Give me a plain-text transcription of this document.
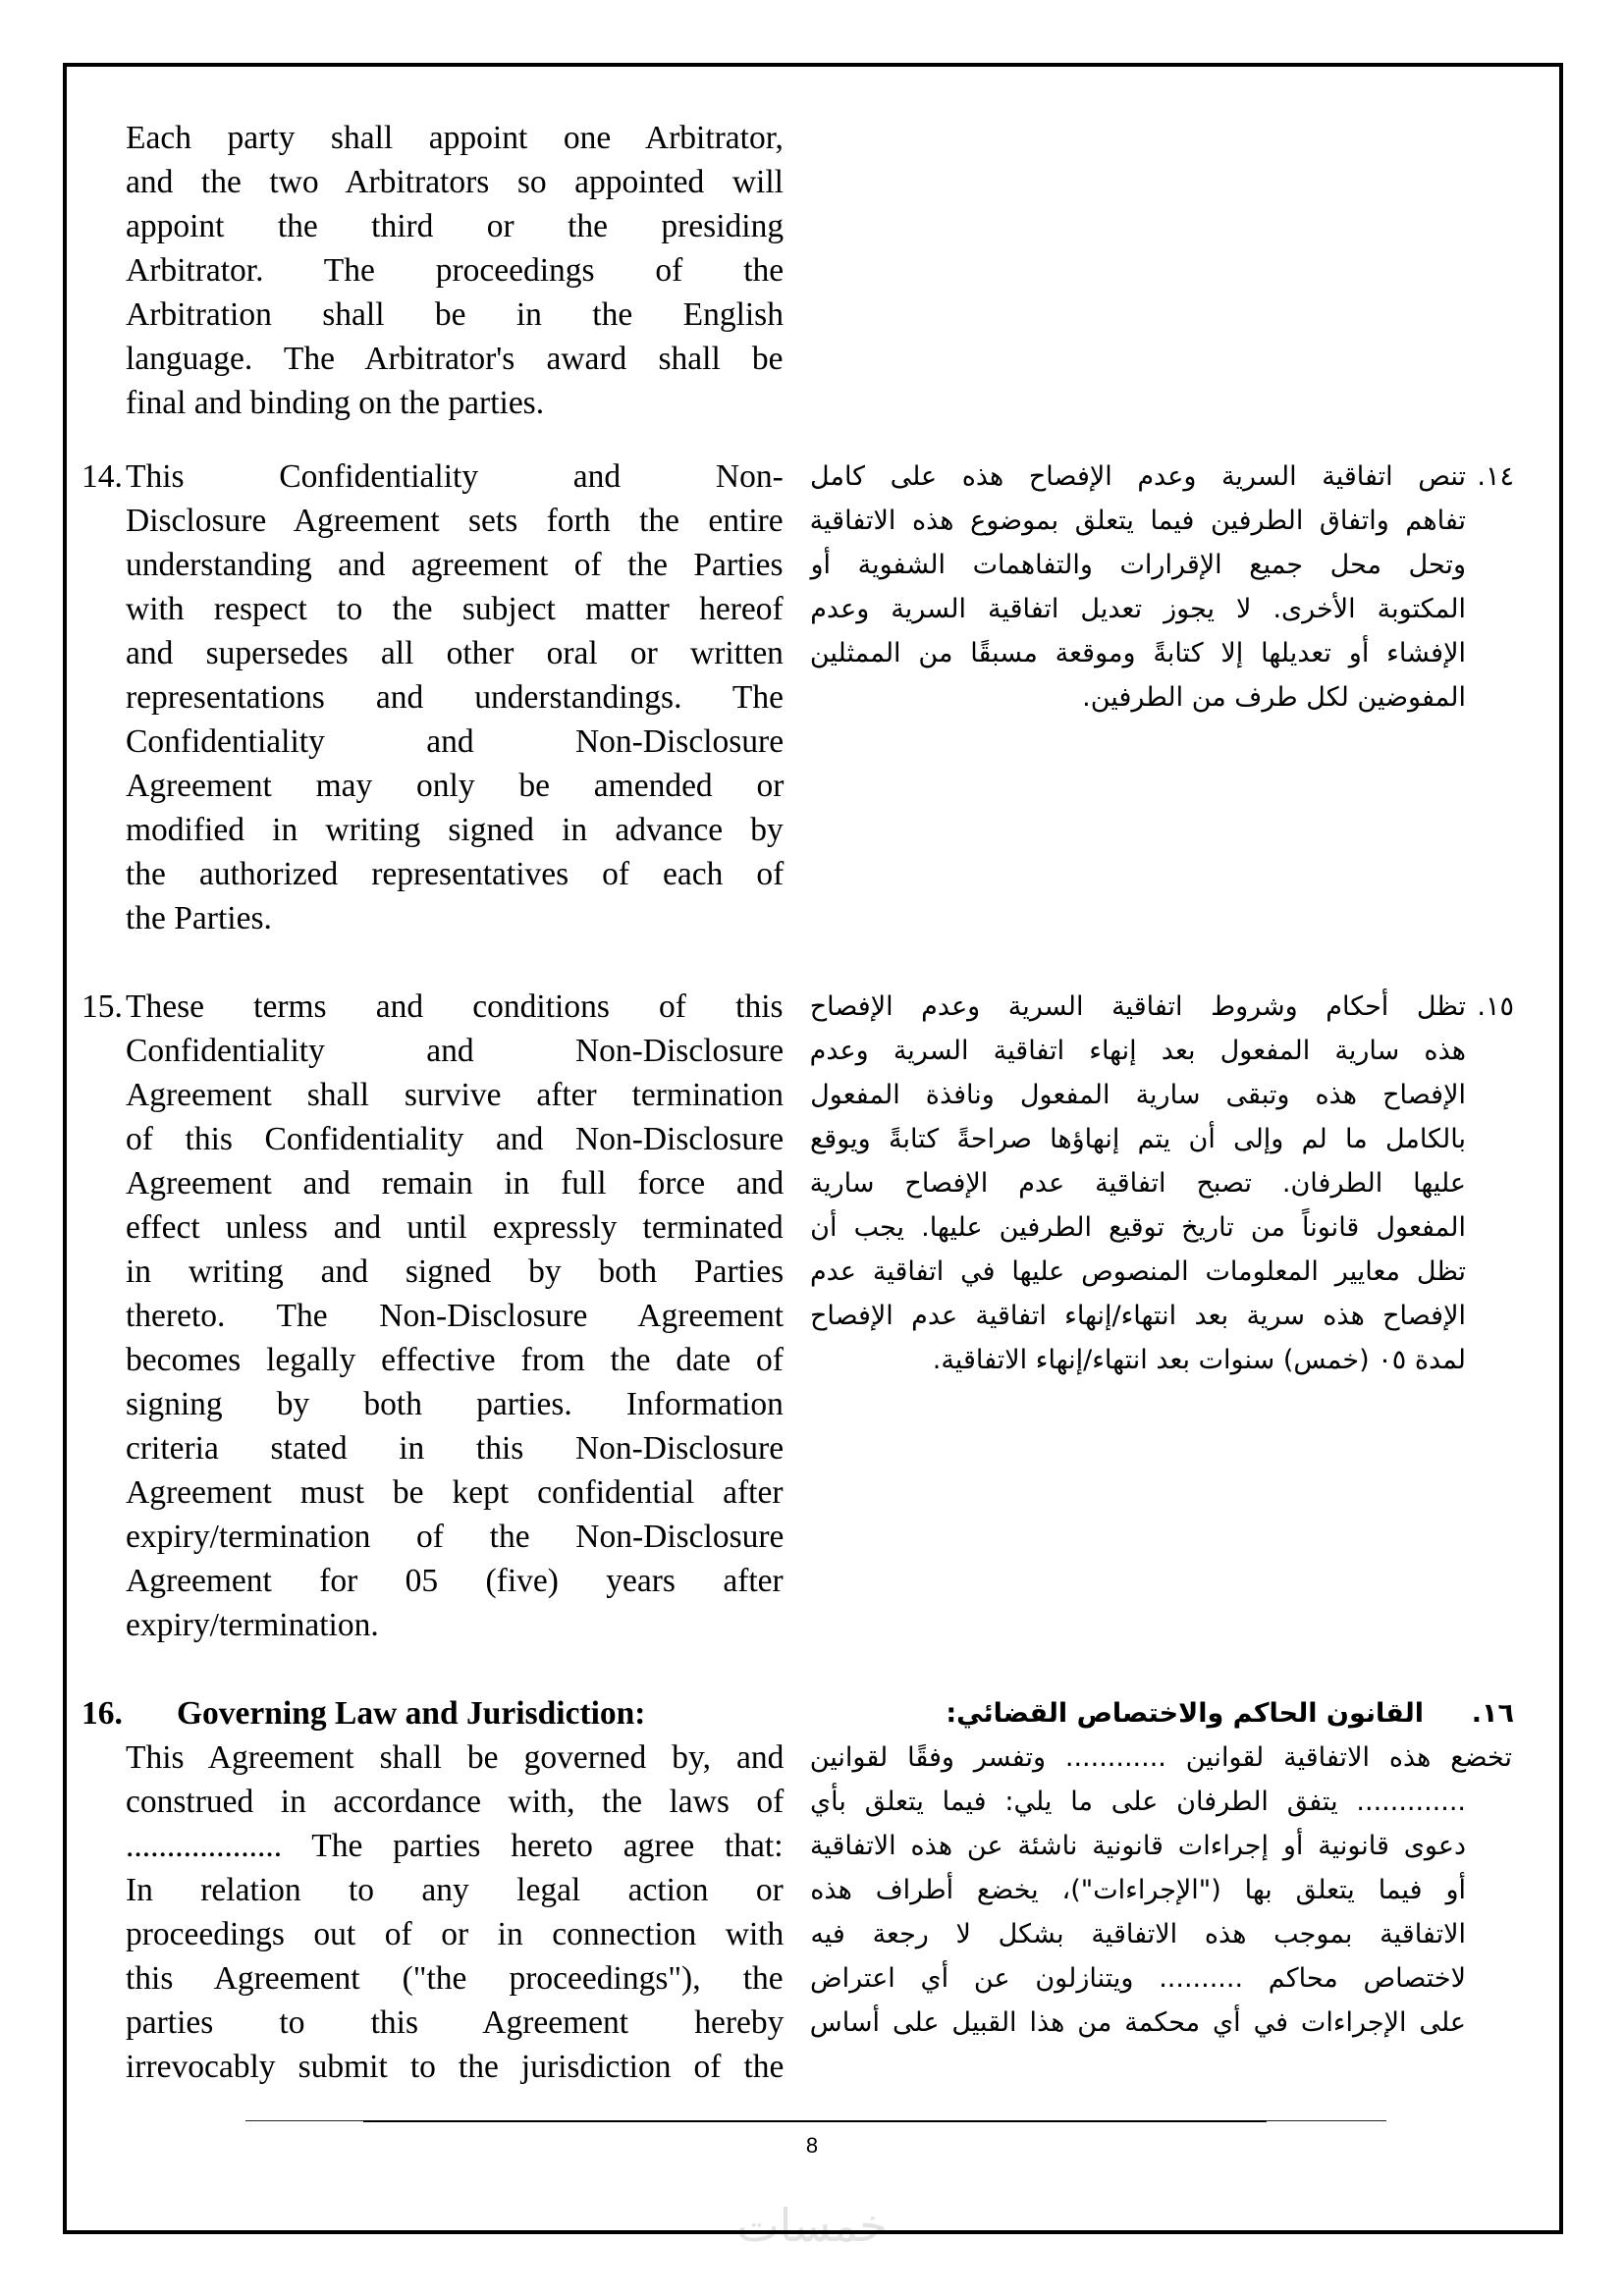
خمسات
Each party shall appoint one Arbitrator,
and the two Arbitrators so appointed will
appoint the third or the presiding
Arbitrator. The proceedings of the
Arbitration shall be in the English
language. The Arbitrator's award shall be
final and binding on the parties.
14. This Confidentiality and Non-
Disclosure Agreement sets forth the entire
understanding and agreement of the Parties
with respect to the subject matter hereof
and supersedes all other oral or written
representations and understandings. The
Confidentiality and Non-Disclosure
Agreement may only be amended or
modified in writing signed in advance by
the authorized representatives of each of
the Parties.
١٤.
تنص اتفاقية السرية وعدم الإفصاح هذه على كامل
تفاهم واتفاق الطرفين فيما يتعلق بموضوع هذه الاتفاقية
وتحل محل جميع الإقرارات والتفاهمات الشفوية أو
المكتوبة الأخرى. لا يجوز تعديل اتفاقية السرية وعدم
الإفشاء أو تعديلها إلا كتابةً وموقعة مسبقًا من الممثلين
المفوضين لكل طرف من الطرفين.
15. These terms and conditions of this
Confidentiality and Non-Disclosure
Agreement shall survive after termination
of this Confidentiality and Non-Disclosure
Agreement and remain in full force and
effect unless and until expressly terminated
in writing and signed by both Parties
thereto. The Non-Disclosure Agreement
becomes legally effective from the date of
signing by both parties. Information
criteria stated in this Non-Disclosure
Agreement must be kept confidential after
expiry/termination of the Non-Disclosure
Agreement for 05 (five) years after
expiry/termination.
١٥.
تظل أحكام وشروط اتفاقية السرية وعدم الإفصاح
هذه سارية المفعول بعد إنهاء اتفاقية السرية وعدم
الإفصاح هذه وتبقى سارية المفعول ونافذة المفعول
بالكامل ما لم وإلى أن يتم إنهاؤها صراحةً كتابةً ويوقع
عليها الطرفان. تصبح اتفاقية عدم الإفصاح سارية
المفعول قانوناً من تاريخ توقيع الطرفين عليها. يجب أن
تظل معايير المعلومات المنصوص عليها في اتفاقية عدم
الإفصاح هذه سرية بعد انتهاء/إنهاء اتفاقية عدم الإفصاح
لمدة ٠٥ (خمس) سنوات بعد انتهاء/إنهاء الاتفاقية.
16. Governing Law and Jurisdiction:
This Agreement shall be governed by, and
construed in accordance with, the laws of
................... The parties hereto agree that:
In relation to any legal action or
proceedings out of or in connection with
this Agreement ("the proceedings"), the
parties to this Agreement hereby
irrevocably submit to the jurisdiction of the
١٦.
القانون الحاكم والاختصاص القضائي:
تخضع هذه الاتفاقية لقوانين ............ وتفسر وفقًا لقوانين
............. يتفق الطرفان على ما يلي: فيما يتعلق بأي
دعوى قانونية أو إجراءات قانونية ناشئة عن هذه الاتفاقية
أو فيما يتعلق بها ("الإجراءات")، يخضع أطراف هذه
الاتفاقية بموجب هذه الاتفاقية بشكل لا رجعة فيه
لاختصاص محاكم .......... ويتنازلون عن أي اعتراض
على الإجراءات في أي محكمة من هذا القبيل على أساس
8
